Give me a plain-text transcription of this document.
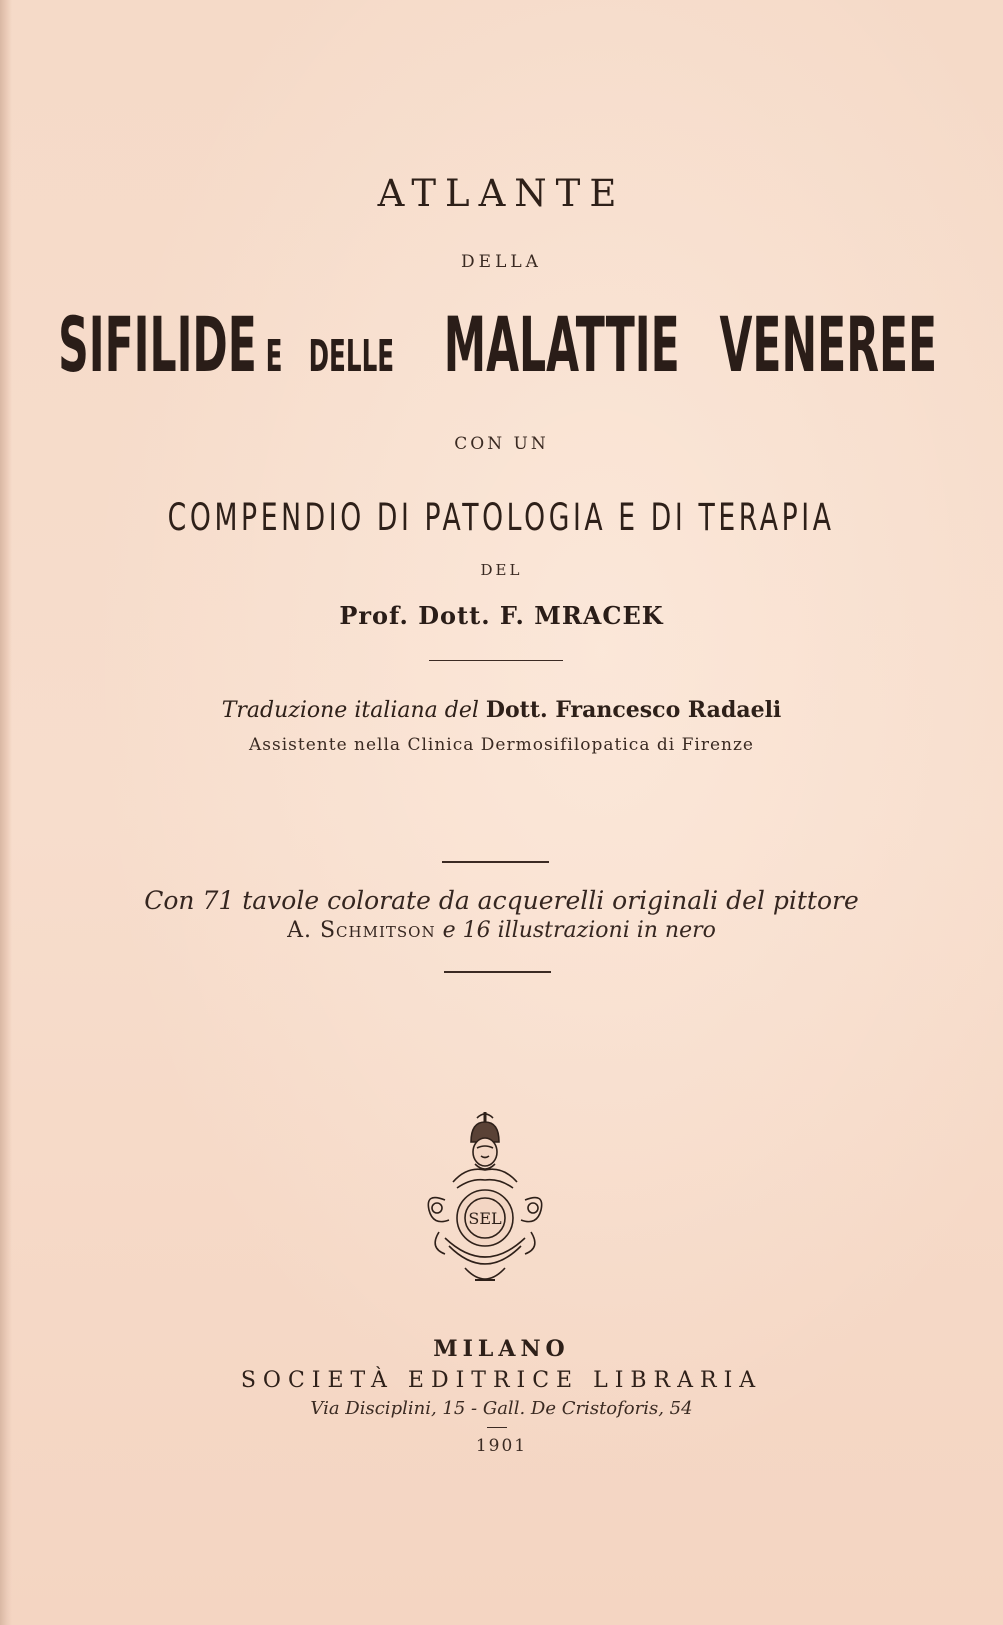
ATLANTE
DELLA
SIFILIDE E DELLE MALATTIE VENEREE
CON UN
COMPENDIO DI PATOLOGIA E DI TERAPIA
DEL
Prof. Dott. F. MRACEK
Traduzione italiana del Dott. Francesco Radaeli
Assistente nella Clinica Dermosifilopatica di Firenze
Con 71 tavole colorate da acquerelli originali del pittore
A. Schmitson e 16 illustrazioni in nero
SEL
MILANO
SOCIETÀ EDITRICE LIBRARIA
Via Disciplini, 15 - Gall. De Cristoforis, 54
1901
